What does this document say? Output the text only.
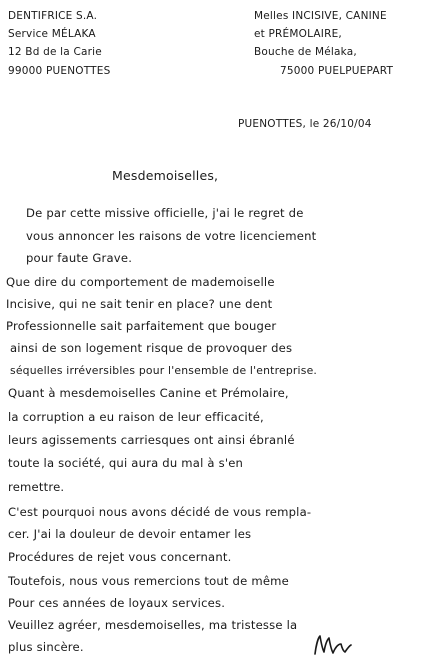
DENTIFRICE S.A.
Service MÉLAKA
12 Bd de la Carie
99000 PUENOTTES
Melles INCISIVE, CANINE
et PRÉMOLAIRE,
Bouche de Mélaka,
75000 PUELPUEPART
PUENOTTES, le 26/10/04
Mesdemoiselles,
De par cette missive officielle, j'ai le regret de
vous annoncer les raisons de votre licenciement
pour faute Grave.
Que dire du comportement de mademoiselle
Incisive, qui ne sait tenir en place? une dent
Professionnelle sait parfaitement que bouger
ainsi de son logement risque de provoquer des
séquelles irréversibles pour l'ensemble de l'entreprise.
Quant à mesdemoiselles Canine et Prémolaire,
la corruption a eu raison de leur efficacité,
leurs agissements carriesques ont ainsi ébranlé
toute la société, qui aura du mal à s'en
remettre.
C'est pourquoi nous avons décidé de vous rempla-
cer. J'ai la douleur de devoir entamer les
Procédures de rejet vous concernant.
Toutefois, nous vous remercions tout de même
Pour ces années de loyaux services.
Veuillez agréer, mesdemoiselles, ma tristesse la
plus sincère.
